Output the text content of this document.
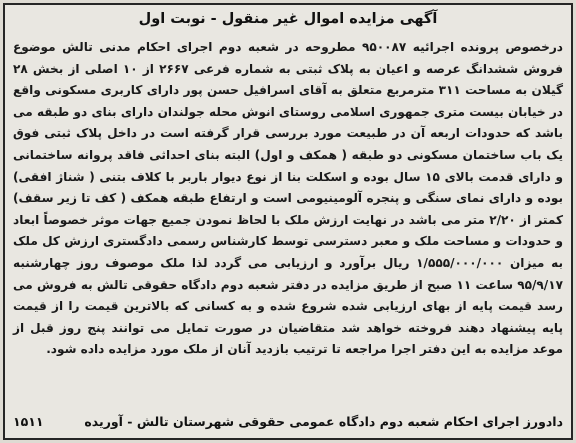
آگهی مزایده اموال غیر منقول - نوبت اول
درخصوص پرونده اجرائیه ۹۵۰۰۸۷ مطروحه در شعبه دوم اجرای احکام مدنی تالش موضوع فروش ششدانگ عرصه و اعیان به پلاک ثبتی به شماره فرعی ۲۶۶۷ از ۱۰ اصلی از بخش ۲۸ گیلان به مساحت ۳۱۱ مترمربع متعلق به آقای اسرافیل حسن پور دارای کاربری مسکونی واقع در خیابان بیست متری جمهوری اسلامی روستای انوش محله جولندان دارای بنای دو طبقه می باشد که حدودات اربعه آن در طبیعت مورد بررسی قرار گرفته است در داخل پلاک ثبتی فوق یک باب ساختمان مسکونی دو طبقه ( همکف و اول) البته بنای احداثی فاقد پروانه ساختمانی و دارای قدمت بالای ۱۵ سال بوده و اسکلت بنا از نوع دیوار باربر با کلاف بتنی ( شناژ افقی) بوده و دارای نمای سنگی و پنجره آلومینیومی است و ارتفاع طبقه همکف ( کف تا زیر سقف) کمتر از ۲/۲۰ متر می باشد در نهایت ارزش ملک با لحاظ نمودن جمیع جهات موثر خصوصاً ابعاد و حدودات و مساحت ملک و معبر دسترسی توسط کارشناس رسمی دادگستری ارزش کل ملک به میزان ۱/۵۵۵/۰۰۰/۰۰۰ ریال برآورد و ارزیابی می گردد لذا ملک موصوف روز چهارشنبه ۹۵/۹/۱۷ ساعت ۱۱ صبح از طریق مزایده در دفتر شعبه دوم دادگاه حقوقی تالش به فروش می رسد قیمت پایه از بهای ارزیابی شده شروع شده و به کسانی که بالاترین قیمت را از قیمت پایه پیشنهاد دهند فروخته خواهد شد متقاضیان در صورت تمایل می توانند پنج روز قبل از موعد مزایده به این دفتر اجرا مراجعه تا ترتیب بازدید آنان از ملک مورد مزایده داده شود.
دادورز اجرای احکام شعبه دوم دادگاه عمومی حقوقی شهرستان تالش - آوریده
۱۵۱۱
